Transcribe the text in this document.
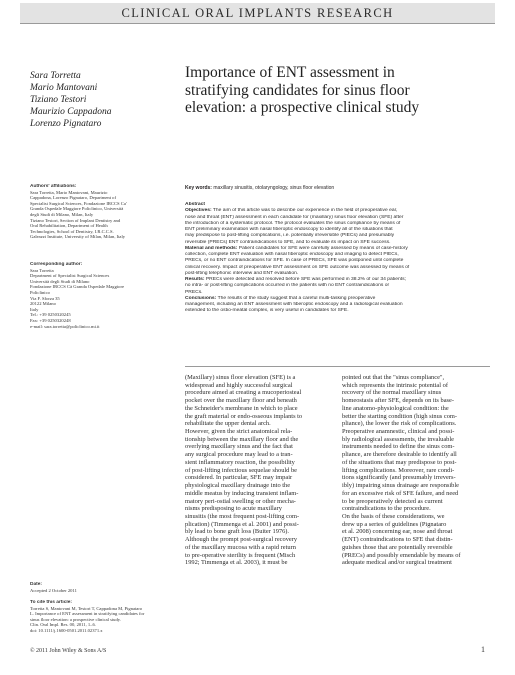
CLINICAL ORAL IMPLANTS RESEARCH
Sara Torretta
Mario Mantovani
Tiziano Testori
Maurizio Cappadona
Lorenzo Pignataro
Importance of ENT assessment in
stratifying candidates for sinus floor
elevation: a prospective clinical study
Authors' affiliations:
Sara Torretta, Mario Mantovani, Maurizio
Cappadona, Lorenzo Pignataro, Department of
Specialist Surgical Sciences, Fondazione IRCCS Ca'
Granda Ospedale Maggiore Policlinico, Università
degli Studi di Milano, Milan, Italy
Tiziano Testori, Section of Implant Dentistry and
Oral Rehabilitation, Department of Health
Technologies, School of Dentistry, I.R.C.C.S.
Galeazzi Institute, University of Milan, Milan, Italy
Corresponding author:
Sara Torretta
Department of Specialist Surgical Sciences
Università degli Studi di Milano
Fondazione IRCCS Cà Granda Ospedale Maggiore
Policlinico
Via F. Sforza 35
20122 Milano
Italy
Tel.: +39 0250320245
Fax: +39 0250320248
e-mail: sara.torretta@policlinico.mi.it
Date:
Accepted 2 October 2011
To cite this article:
Torretta S, Mantovani M, Testori T, Cappadona M, Pignataro
L. Importance of ENT assessment in stratifying candidates for
sinus floor elevation: a prospective clinical study.
Clin. Oral Impl. Res. 00, 2011, 1–6.
doi: 10.1111/j.1600-0501.2011.02371.x
Key words: maxillary sinusitis, otolaryngology, sinus floor elevation
Abstract
Objectives: The aim of this article was to describe our experience in the field of preoperative ear,
nose and throat (ENT) assessment in each candidate for (maxillary) sinus floor elevation (SFE) after
the introduction of a systematic protocol. The protocol evaluates the sinus compliance by means of
ENT preliminary examination with nasal fiberoptic endoscopy to identify all of the situations that
may predispose to post-lifting complications, i.e. potentially irreversible (PIECs) and presumably
reversible (PRECs) ENT contraindications to SFE, and to evaluate its impact on SFE success.
Material and methods: Patient candidates for SFE were carefully assessed by means of case-history
collection, complete ENT evaluation with nasal fiberoptic endoscopy and imaging to detect PIECs,
PRECs, or no ENT contraindications for SFE. In case of PRECs, SFE was postponed until complete
clinical recovery. Impact of preoperative ENT assessment on SFE outcome was assessed by means of
post-lifting telephonic interview and ENT evaluation.
Results: PRECs were detected and resolved before SFE was performed in 38.2% of our 34 patients;
no intra- or post-lifting complications occurred in the patients with no ENT contraindications or
PRECs.
Conclusions: The results of the study suggest that a careful multi-tasking preoperative
management, including an ENT assessment with fiberoptic endoscopy and a radiological evaluation
extended to the ostio-meatal complex, is very useful in candidates for SFE.
(Maxillary) sinus floor elevation (SFE) is a
widespread and highly successful surgical
procedure aimed at creating a mucoperiosteal
pocket over the maxillary floor and beneath
the Schneider's membrane in which to place
the graft material or endo-osseous implants to
rehabilitate the upper dental arch.
However, given the strict anatomical rela-
tionship between the maxillary floor and the
overlying maxillary sinus and the fact that
any surgical procedure may lead to a tran-
sient inflammatory reaction, the possibility
of post-lifting infectious sequelae should be
considered. In particular, SFE may impair
physiological maxillary drainage into the
middle meatus by inducing transient inflam-
matory peri-ostial swelling or other mecha-
nisms predisposing to acute maxillary
sinusitis (the most frequent post-lifting com-
plication) (Timmenga et al. 2001) and possi-
bly lead to bone graft loss (Buiter 1976).
Although the prompt post-surgical recovery
of the maxillary mucosa with a rapid return
to pre-operative sterility is frequent (Misch
1992; Timmenga et al. 2003), it must be
pointed out that the "sinus compliance",
which represents the intrinsic potential of
recovery of the normal maxillary sinus
homeostasis after SFE, depends on its base-
line anatomo-physiological condition: the
better the starting condition (high sinus com-
pliance), the lower the risk of complications.
Preoperative anamnestic, clinical and possi-
bly radiological assessments, the invaluable
instruments needed to define the sinus com-
pliance, are therefore desirable to identify all
of the situations that may predispose to post-
lifting complications. Moreover, rare condi-
tions significantly (and presumably irrevers-
ibly) impairing sinus drainage are responsible
for an excessive risk of SFE failure, and need
to be preoperatively detected as current
contraindications to the procedure.
On the basis of these considerations, we
drew up a series of guidelines (Pignataro
et al. 2008) concerning ear, nose and throat
(ENT) contraindications to SFE that distin-
guishes those that are potentially reversible
(PRECs) and possibly emendable by means of
adequate medical and/or surgical treatment
© 2011 John Wiley & Sons A/S	1
